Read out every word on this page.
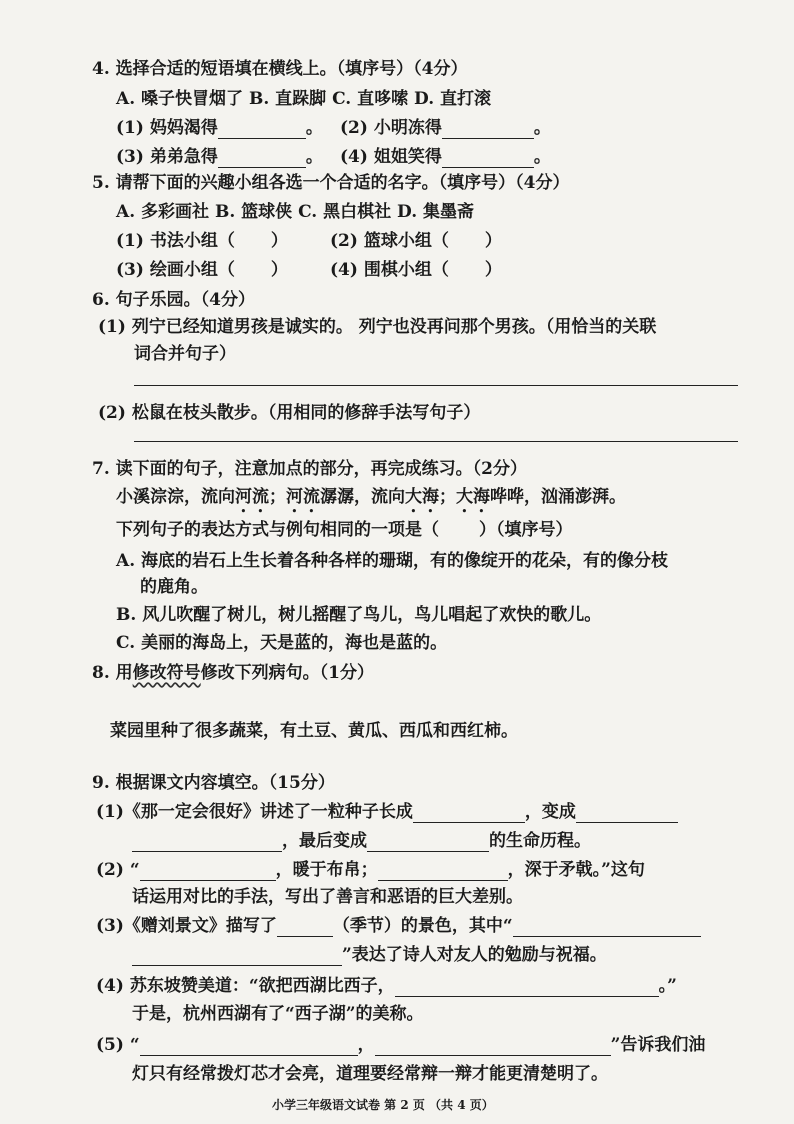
4. 选择合适的短语填在横线上。（填序号）（4分）
A. 嗓子快冒烟了 B. 直跺脚 C. 直哆嗦 D. 直打滚
(1) 妈妈渴得	。 (2) 小明冻得	。
(3) 弟弟急得	。 (4) 姐姐笑得	。
5. 请帮下面的兴趣小组各选一个合适的名字。（填序号）（4分）
A. 多彩画社 B. 篮球侠 C. 黑白棋社 D. 集墨斋
(1) 书法小组（ ） (2) 篮球小组（ ）
(3) 绘画小组（ ） (4) 围棋小组（ ）
6. 句子乐园。（4分）
(1) 列宁已经知道男孩是诚实的。 列宁也没再问那个男孩。（用恰当的关联
词合并句子）
(2) 松鼠在枝头散步。（用相同的修辞手法写句子）
7. 读下面的句子，注意加点的部分，再完成练习。（2分）
小溪淙淙，流向河流；河流潺潺，流向大海；大海哗哗，汹涌澎湃。
下列句子的表达方式与例句相同的一项是（ ）（填序号）
A. 海底的岩石上生长着各种各样的珊瑚，有的像绽开的花朵，有的像分枝
的鹿角。
B. 风儿吹醒了树儿，树儿摇醒了鸟儿，鸟儿唱起了欢快的歌儿。
C. 美丽的海岛上，天是蓝的，海也是蓝的。
8. 用修改符号修改下列病句。（1分）
菜园里种了很多蔬菜，有土豆、黄瓜、西瓜和西红柿。
9. 根据课文内容填空。（15分）
(1)《那一定会很好》讲述了一粒种子长成	，变成
，最后变成	的生命历程。
(2) “	，暖于布帛；	，深于矛戟。”这句
话运用对比的手法，写出了善言和恶语的巨大差别。
(3)《赠刘景文》描写了	（季节）的景色，其中“
”表达了诗人对友人的勉励与祝福。
(4) 苏东坡赞美道：“欲把西湖比西子，	。”
于是，杭州西湖有了“西子湖”的美称。
(5) “	，	”告诉我们油
灯只有经常拨灯芯才会亮，道理要经常辩一辩才能更清楚明了。
小学三年级语文试卷 第 2 页 （共 4 页）
